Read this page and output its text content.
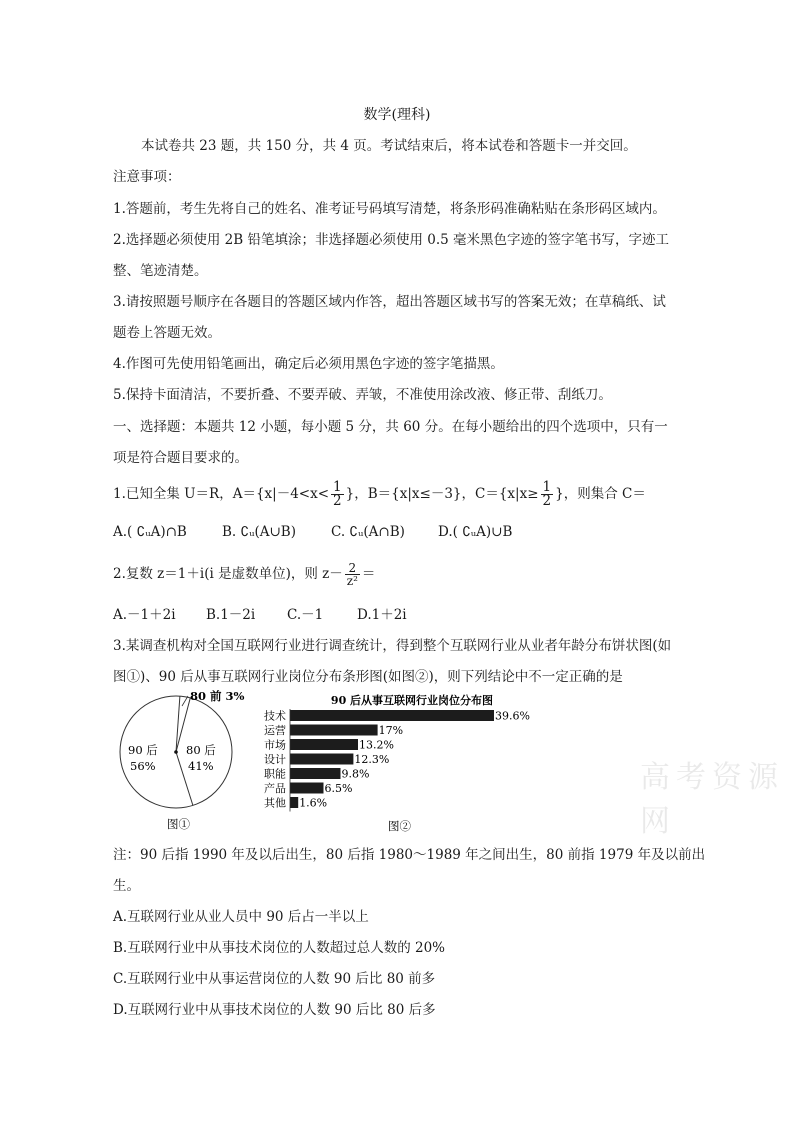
数学(理科)
本试卷共 23 题，共 150 分，共 4 页。考试结束后，将本试卷和答题卡一并交回。
注意事项：
1.答题前，考生先将自己的姓名、准考证号码填写清楚，将条形码准确粘贴在条形码区域内。
2.选择题必须使用 2B 铅笔填涂；非选择题必须使用 0.5 毫米黑色字迹的签字笔书写，字迹工
整、笔迹清楚。
3.请按照题号顺序在各题目的答题区域内作答，超出答题区域书写的答案无效；在草稿纸、试
题卷上答题无效。
4.作图可先使用铅笔画出，确定后必须用黑色字迹的签字笔描黑。
5.保持卡面清洁，不要折叠、不要弄破、弄皱，不准使用涂改液、修正带、刮纸刀。
一、选择题：本题共 12 小题，每小题 5 分，共 60 分。在每小题给出的四个选项中，只有一
项是符合题目要求的。
1.已知全集 U＝R，$A=\{x|-4<x< \frac{1}{2}$ }，B＝{x|x≤－3}，$C=\{x|x\ge \frac{1}{2}$ }，则集合 C＝
A.( ∁ᵤA)∩B	B. ∁ᵤ(A∪B)	C. ∁ᵤ(A∩B) D.( ∁ᵤA)∪B
2.复数 z＝1＋i(i 是虚数单位)，则 $z- \frac{2}{\text{z²}}$ ＝
A.－1＋2i B.1－2i C.－1	D.1＋2i
3.某调查机构对全国互联网行业进行调查统计，得到整个互联网行业从业者年龄分布饼状图(如
图①)、90 后从事互联网行业岗位分布条形图(如图②)，则下列结论中不一定正确的是
90 后
56%
80 后
41%
80 前 3%
图①
90 后从事互联网行业岗位分布图
技术	39.6%
运营	17%
市场	13.2%
设计	12.3%
职能	9.8%
产品	6.5%
其他 1.6%
图②
高考资源网
注：90 后指 1990 年及以后出生，80 后指 1980～1989 年之间出生，80 前指 1979 年及以前出
生。
A.互联网行业从业人员中 90 后占一半以上
B.互联网行业中从事技术岗位的人数超过总人数的 20%
C.互联网行业中从事运营岗位的人数 90 后比 80 前多
D.互联网行业中从事技术岗位的人数 90 后比 80 后多
